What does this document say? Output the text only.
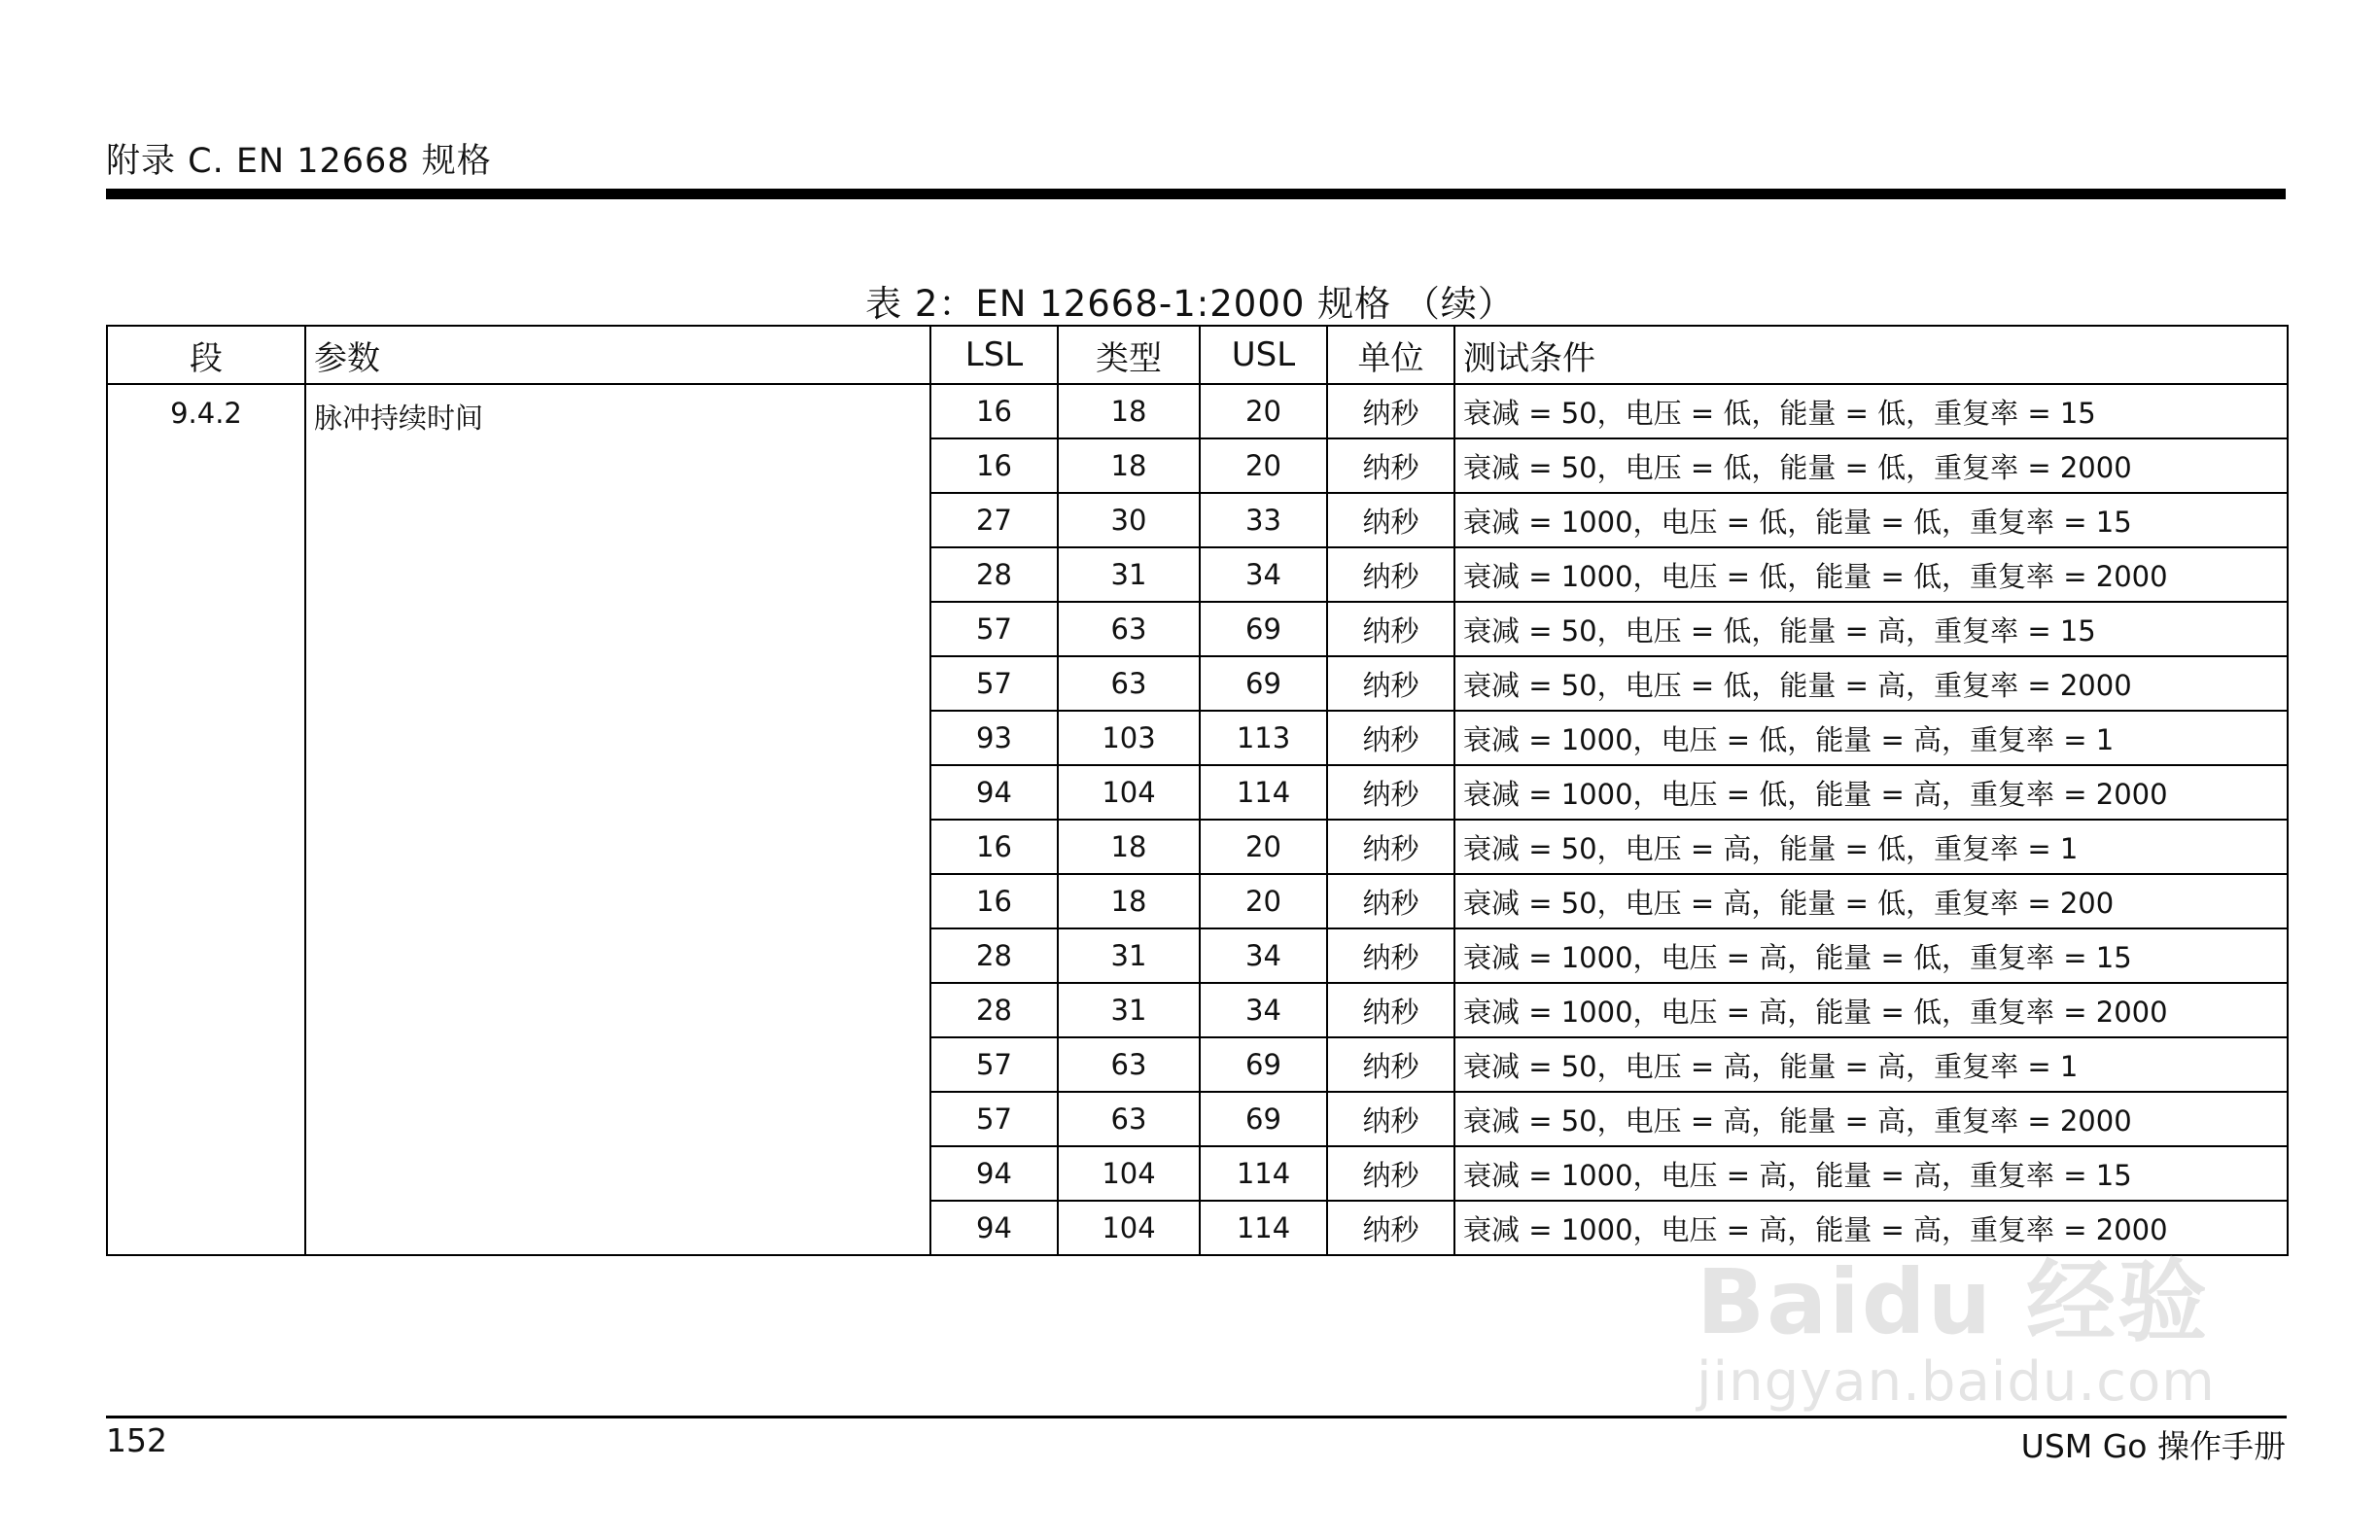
附录 C. EN 12668 规格
表 2：EN 12668-1:2000 规格 （续）
段	参数	LSL	类型	USL	单位	测试条件
9.4.2	脉冲持续时间	16	18	20	纳秒	衰减 = 50，电压 = 低，能量 = 低，重复率 = 15
		16	18	20	纳秒	衰减 = 50，电压 = 低，能量 = 低，重复率 = 2000
		27	30	33	纳秒	衰减 = 1000，电压 = 低，能量 = 低，重复率 = 15
		28	31	34	纳秒	衰减 = 1000，电压 = 低，能量 = 低，重复率 = 2000
		57	63	69	纳秒	衰减 = 50，电压 = 低，能量 = 高，重复率 = 15
		57	63	69	纳秒	衰减 = 50，电压 = 低，能量 = 高，重复率 = 2000
		93	103	113	纳秒	衰减 = 1000，电压 = 低，能量 = 高，重复率 = 1
		94	104	114	纳秒	衰减 = 1000，电压 = 低，能量 = 高，重复率 = 2000
		16	18	20	纳秒	衰减 = 50，电压 = 高，能量 = 低，重复率 = 1
		16	18	20	纳秒	衰减 = 50，电压 = 高，能量 = 低，重复率 = 200
		28	31	34	纳秒	衰减 = 1000，电压 = 高，能量 = 低，重复率 = 15
		28	31	34	纳秒	衰减 = 1000，电压 = 高，能量 = 低，重复率 = 2000
		57	63	69	纳秒	衰减 = 50，电压 = 高，能量 = 高，重复率 = 1
		57	63	69	纳秒	衰减 = 50，电压 = 高，能量 = 高，重复率 = 2000
		94	104	114	纳秒	衰减 = 1000，电压 = 高，能量 = 高，重复率 = 15
		94	104	114	纳秒	衰减 = 1000，电压 = 高，能量 = 高，重复率 = 2000
Baidu 经验
jingyan.baidu.com
152	USM Go 操作手册
